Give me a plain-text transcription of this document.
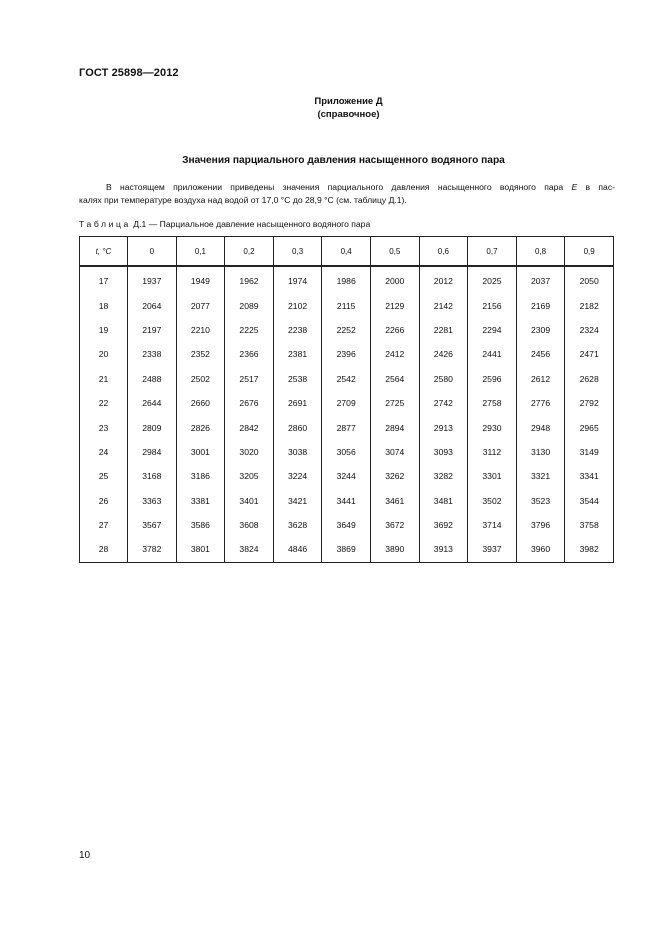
ГОСТ 25898—2012
Приложение Д
(справочное)
Значения парциального давления насыщенного водяного пара
В настоящем приложении приведены значения парциального давления насыщенного водяного пара E в пас-
калях при температуре воздуха над водой от 17,0 °С до 28,9 °С (см. таблицу Д.1).
Таблица Д.1 — Парциальное давление насыщенного водяного пара
t, °C	0	0,1	0,2	0,3	0,4	0,5	0,6	0,7	0,8	0,9
17	1937	1949	1962	1974	1986	2000	2012	2025	2037	2050
18	2064	2077	2089	2102	2115	2129	2142	2156	2169	2182
19	2197	2210	2225	2238	2252	2266	2281	2294	2309	2324
20	2338	2352	2366	2381	2396	2412	2426	2441	2456	2471
21	2488	2502	2517	2538	2542	2564	2580	2596	2612	2628
22	2644	2660	2676	2691	2709	2725	2742	2758	2776	2792
23	2809	2826	2842	2860	2877	2894	2913	2930	2948	2965
24	2984	3001	3020	3038	3056	3074	3093	3112	3130	3149
25	3168	3186	3205	3224	3244	3262	3282	3301	3321	3341
26	3363	3381	3401	3421	3441	3461	3481	3502	3523	3544
27	3567	3586	3608	3628	3649	3672	3692	3714	3796	3758
28	3782	3801	3824	4846	3869	3890	3913	3937	3960	3982
10
